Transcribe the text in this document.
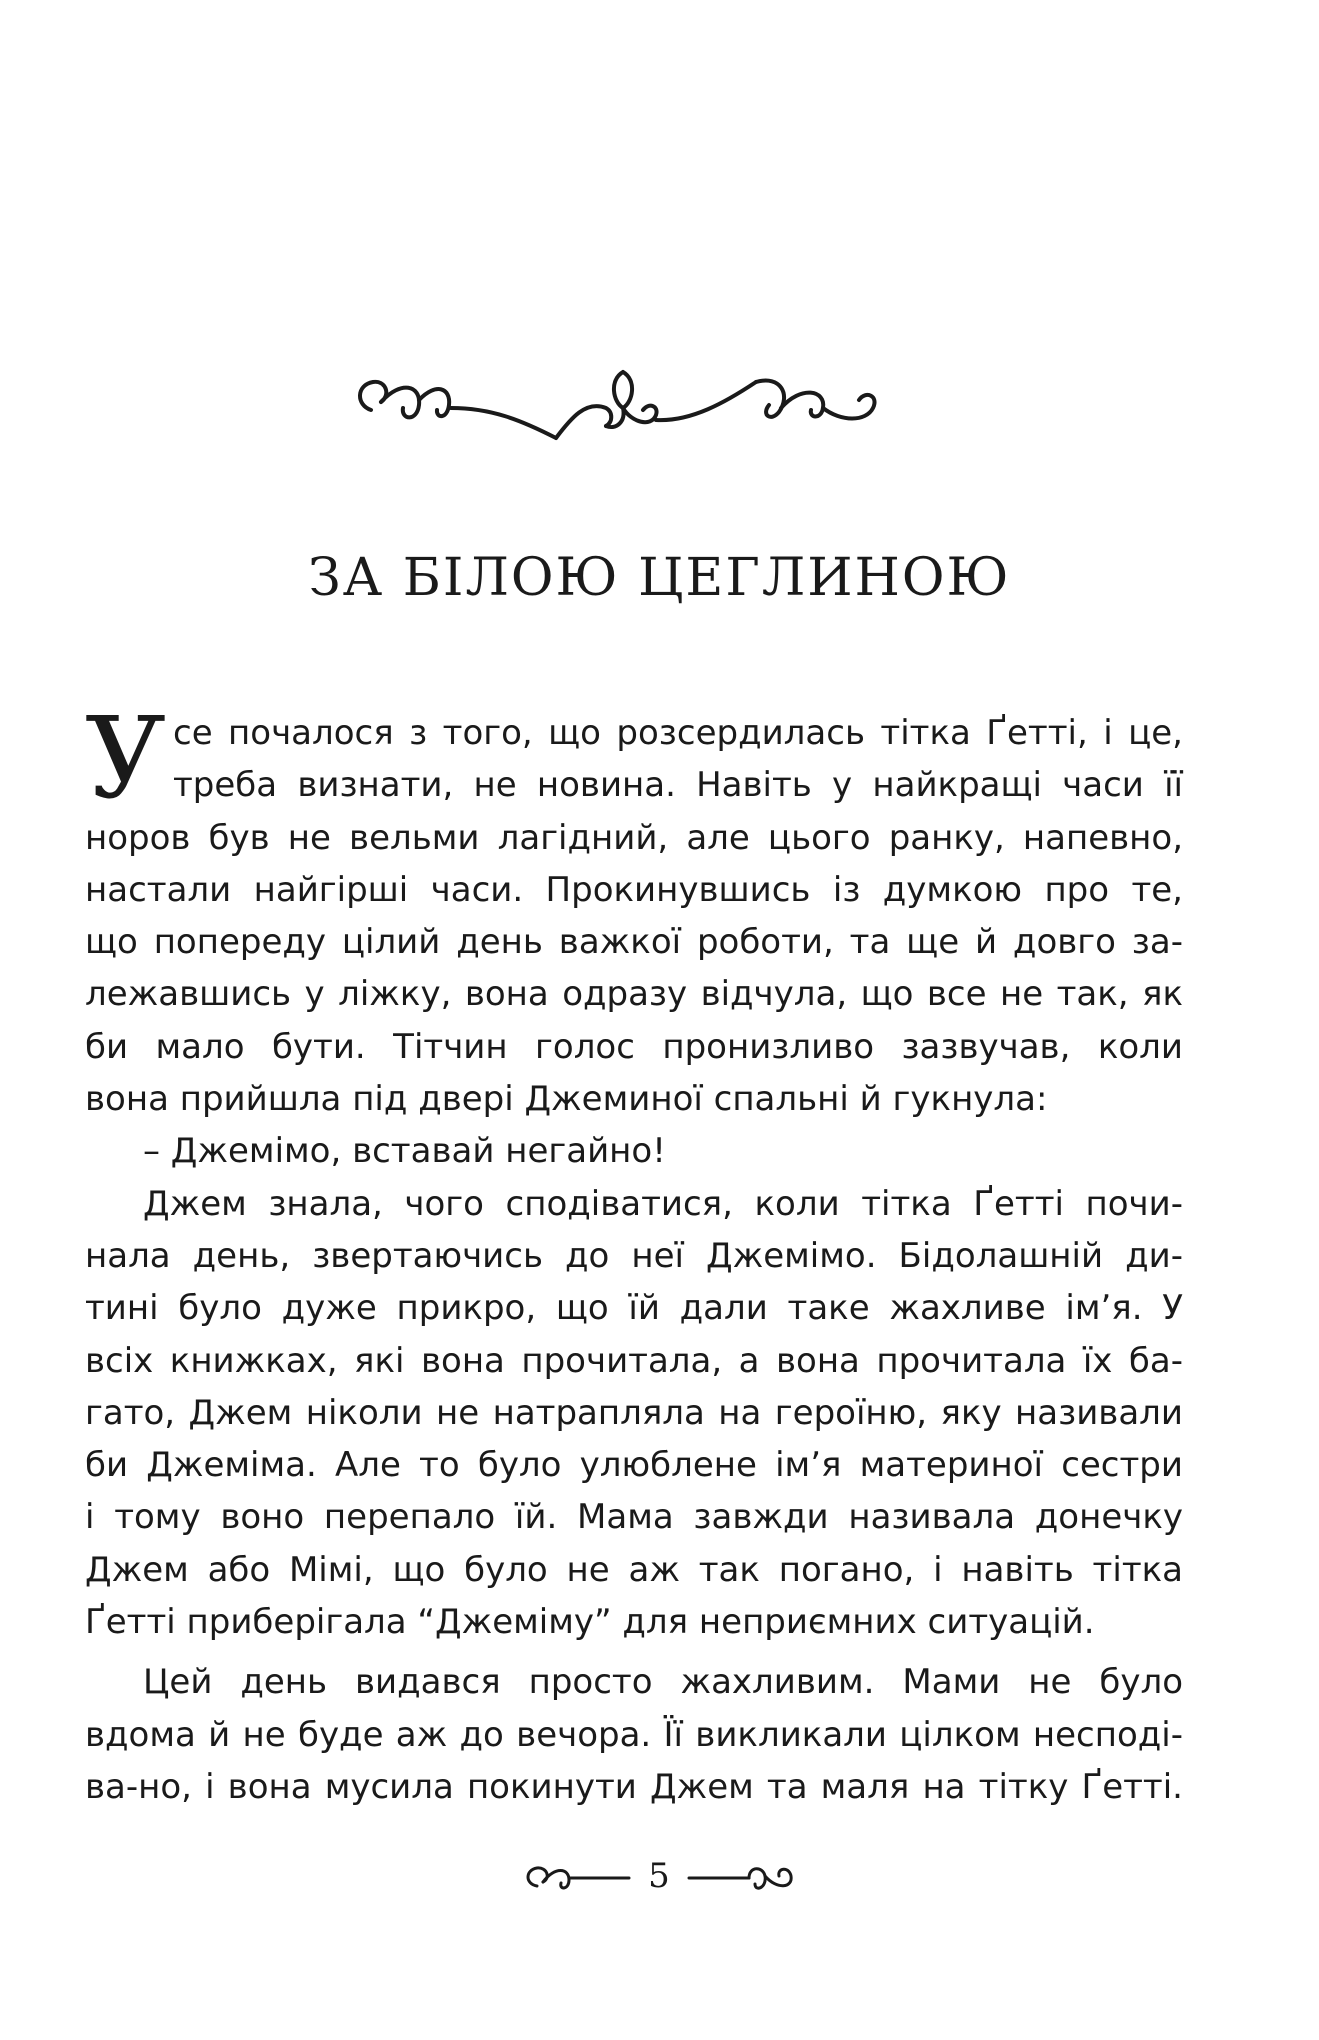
ЗА БІЛОЮ ЦЕГЛИНОЮ
У се почалося з того, що розсердилась тітка Ґетті, і це,
треба визнати, не новина. Навіть у найкращі часи її
норов був не вельми лагідний, але цього ранку, напевно,
настали найгірші часи. Прокинувшись із думкою про те,
що попереду цілий день важкої роботи, та ще й довго за-
лежавшись у ліжку, вона одразу відчула, що все не так, як
би мало бути. Тітчин голос пронизливо зазвучав, коли
вона прийшла під двері Джеминої спальні й гукнула:
– Джемімо, вставай негайно!
Джем знала, чого сподіватися, коли тітка Ґетті почи-
нала день, звертаючись до неї Джемімо. Бідолашній ди-
тині було дуже прикро, що їй дали таке жахливе ім’я. У
всіх книжках, які вона прочитала, а вона прочитала їх ба-
гато, Джем ніколи не натрапляла на героїню, яку називали
би Джеміма. Але то було улюблене ім’я материної сестри
і тому воно перепало їй. Мама завжди називала донечку
Джем або Мімі, що було не аж так погано, і навіть тітка
Ґетті приберігала “Джеміму” для неприємних ситуацій.
Цей день видався просто жахливим. Мами не було
вдома й не буде аж до вечора. Її викликали цілком несподі-
ва-но, і вона мусила покинути Джем та маля на тітку Ґетті.
5
